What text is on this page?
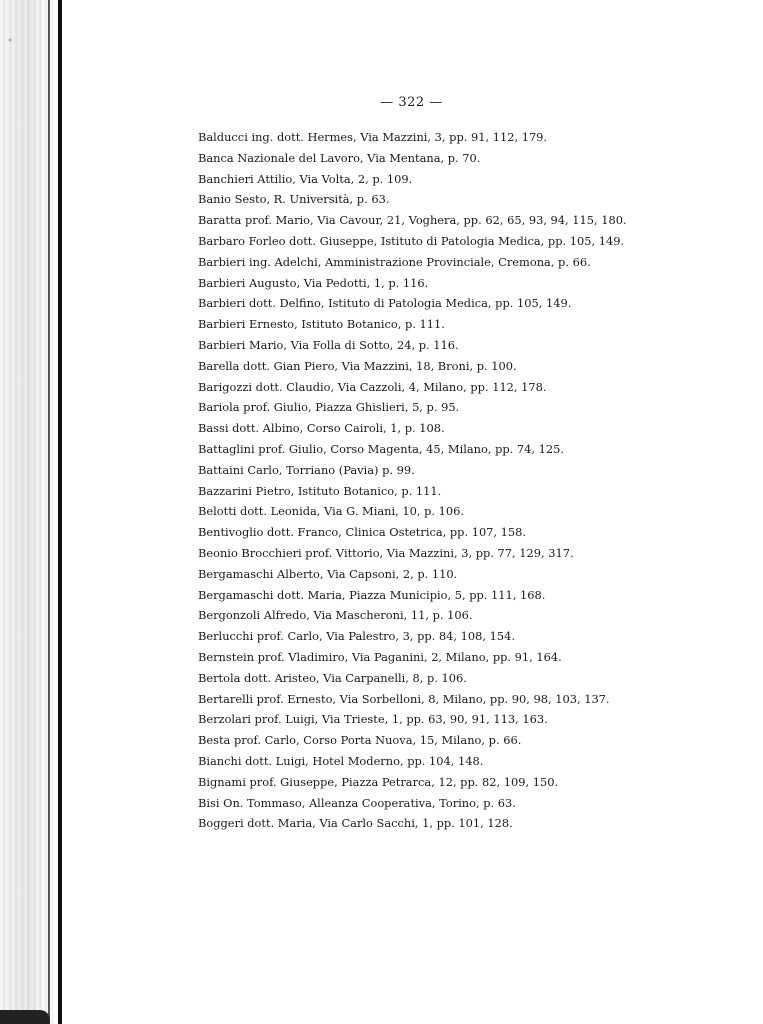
— 322 —
Balducci ing. dott. Hermes, Via Mazzini, 3, pp. 91, 112, 179.
Banca Nazionale del Lavoro, Via Mentana, p. 70.
Banchieri Attilio, Via Volta, 2, p. 109.
Banio Sesto, R. Università, p. 63.
Baratta prof. Mario, Via Cavour, 21, Voghera, pp. 62, 65, 93, 94, 115, 180.
Barbaro Forleo dott. Giuseppe, Istituto di Patologia Medica, pp. 105, 149.
Barbieri ing. Adelchi, Amministrazione Provinciale, Cremona, p. 66.
Barbieri Augusto, Via Pedotti, 1, p. 116.
Barbieri dott. Delfino, Istituto di Patologia Medica, pp. 105, 149.
Barbieri Ernesto, Istituto Botanico, p. 111.
Barbieri Mario, Via Folla di Sotto, 24, p. 116.
Barella dott. Gian Piero, Via Mazzini, 18, Broni, p. 100.
Barigozzi dott. Claudio, Via Cazzoli, 4, Milano, pp. 112, 178.
Bariola prof. Giulio, Piazza Ghislieri, 5, p. 95.
Bassi dott. Albino, Corso Cairoli, 1, p. 108.
Battaglini prof. Giulio, Corso Magenta, 45, Milano, pp. 74, 125.
Battaini Carlo, Torriano (Pavia) p. 99.
Bazzarini Pietro, Istituto Botanico, p. 111.
Belotti dott. Leonida, Via G. Miani, 10, p. 106.
Bentivoglio dott. Franco, Clinica Ostetrica, pp. 107, 158.
Beonio Brocchieri prof. Vittorio, Via Mazzini, 3, pp. 77, 129, 317.
Bergamaschi Alberto, Via Capsoni, 2, p. 110.
Bergamaschi dott. Maria, Piazza Municipio, 5, pp. 111, 168.
Bergonzoli Alfredo, Via Mascheroni, 11, p. 106.
Berlucchi prof. Carlo, Via Palestro, 3, pp. 84, 108, 154.
Bernstein prof. Vladimiro, Via Paganini, 2, Milano, pp. 91, 164.
Bertola dott. Aristeo, Via Carpanelli, 8, p. 106.
Bertarelli prof. Ernesto, Via Sorbelloni, 8, Milano, pp. 90, 98, 103, 137.
Berzolari prof. Luigi, Via Trieste, 1, pp. 63, 90, 91, 113, 163.
Besta prof. Carlo, Corso Porta Nuova, 15, Milano, p. 66.
Bianchi dott. Luigi, Hotel Moderno, pp. 104, 148.
Bignami prof. Giuseppe, Piazza Petrarca, 12, pp. 82, 109, 150.
Bisi On. Tommaso, Alleanza Cooperativa, Torino, p. 63.
Boggeri dott. Maria, Via Carlo Sacchi, 1, pp. 101, 128.
